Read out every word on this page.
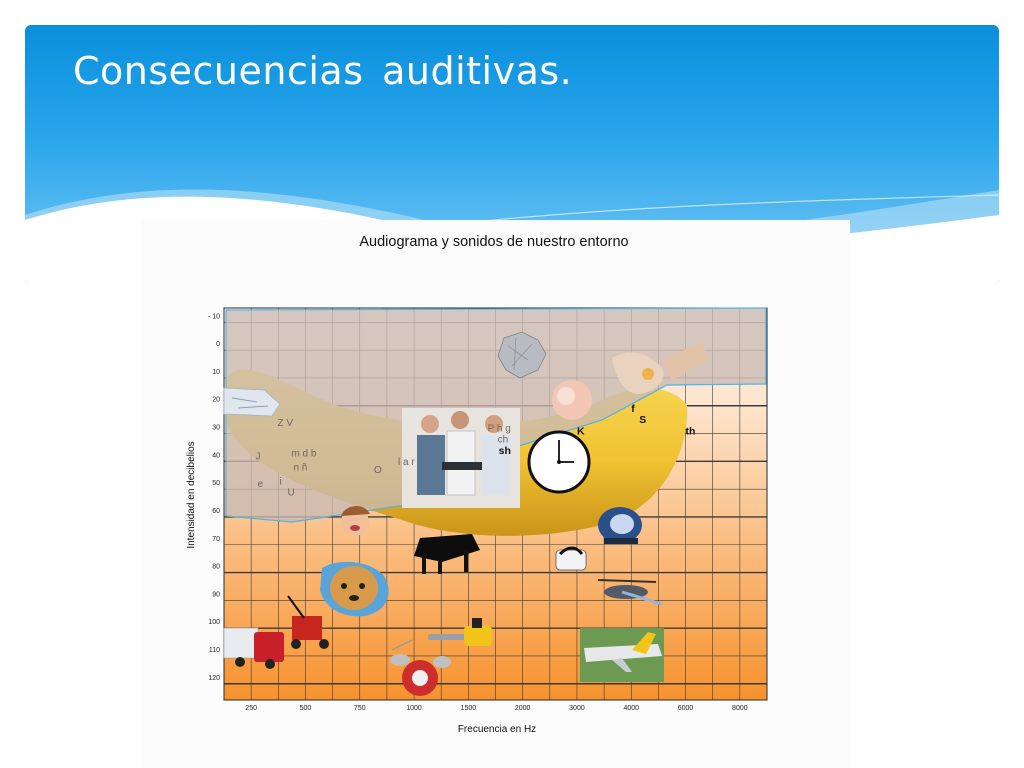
Consecuencias auditivas.
Audiograma y sonidos de nuestro entorno
250	500	750	1000	1500	2000	3000	4000	6000	8000
- 10
0
10
20
30
40
50
60
70
80
90
100
110
120
Frecuencia en Hz
Intensidad en decibelios
Z V
J	m d b
n ñ
e i
U
O
l a r
P h g
ch
sh
K
f
S
th
